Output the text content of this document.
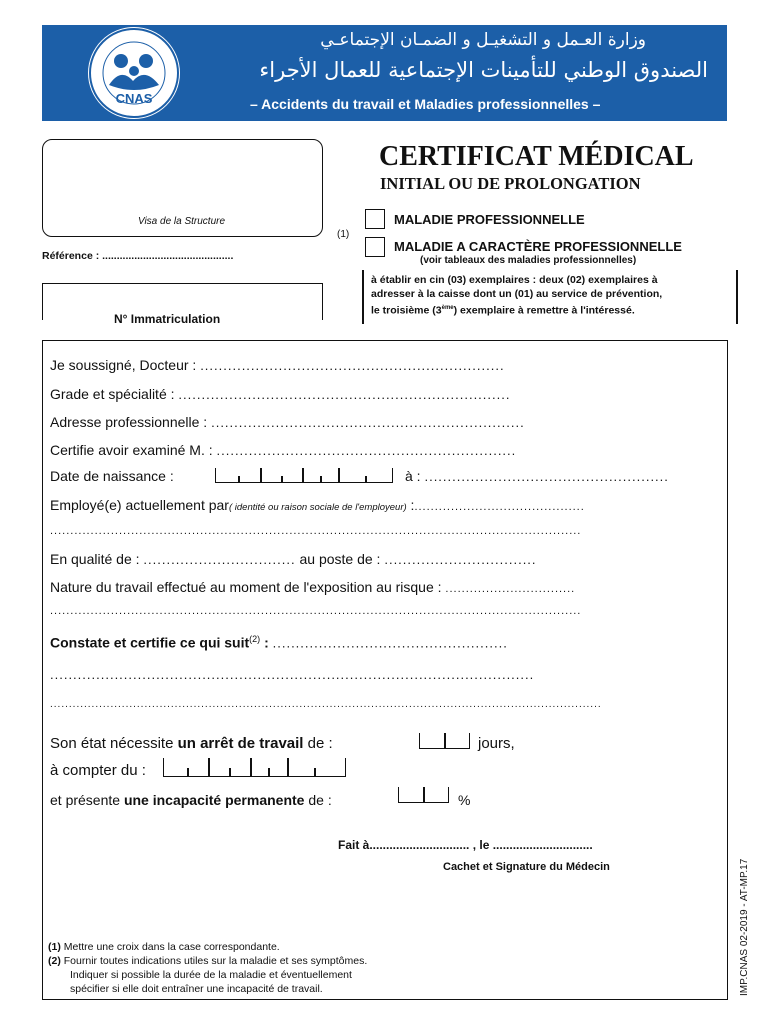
CNAS
وزارة العـمل و التشغيـل و الضمـان الإجتماعـي
الصندوق الوطني للتأمينات الإجتماعية للعمال الأجراء
– Accidents du travail et Maladies professionnelles –
Visa de la Structure
Référence : .............................................
N° Immatriculation
CERTIFICAT MÉDICAL
INITIAL OU DE PROLONGATION
(1)
MALADIE PROFESSIONNELLE
MALADIE A CARACTÈRE PROFESSIONNELLE
(voir tableaux des maladies professionnelles)
à établir en cin (03) exemplaires : deux (02) exemplaires à
adresser à la caisse dont un (01) au service de prévention,
le troisième (3ème) exemplaire à remettre à l'intéressé.
Je soussigné, Docteur : ..................................................................
Grade et spécialité : ........................................................................
Adresse professionnelle : ....................................................................
Certifie avoir examiné M. : .................................................................
Date de naissance :	à : .....................................................
Employé(e) actuellement par( identité ou raison sociale de l'employeur) :..........................................
...................................................................................................................................
En qualité de : ................................. au poste de : .................................
Nature du travail effectué au moment de l'exposition au risque : ................................
...................................................................................................................................
Constate et certifie ce qui suit$^{(2)}$ : ...................................................
.........................................................................................................
..................................................................................................................................................
Son état nécessite un arrêt de travail de :	jours,
à compter du :
et présente une incapacité permanente de :	%
Fait à.............................. , le ..............................
Cachet et Signature du Médecin
(1) Mettre une croix dans la case correspondante.
(2) Fournir toutes indications utiles sur la maladie et ses symptômes.
Indiquer si possible la durée de la maladie et éventuellement
spécifier si elle doit entraîner une incapacité de travail.	IMP.CNAS 02-2019 - AT-MP.17
